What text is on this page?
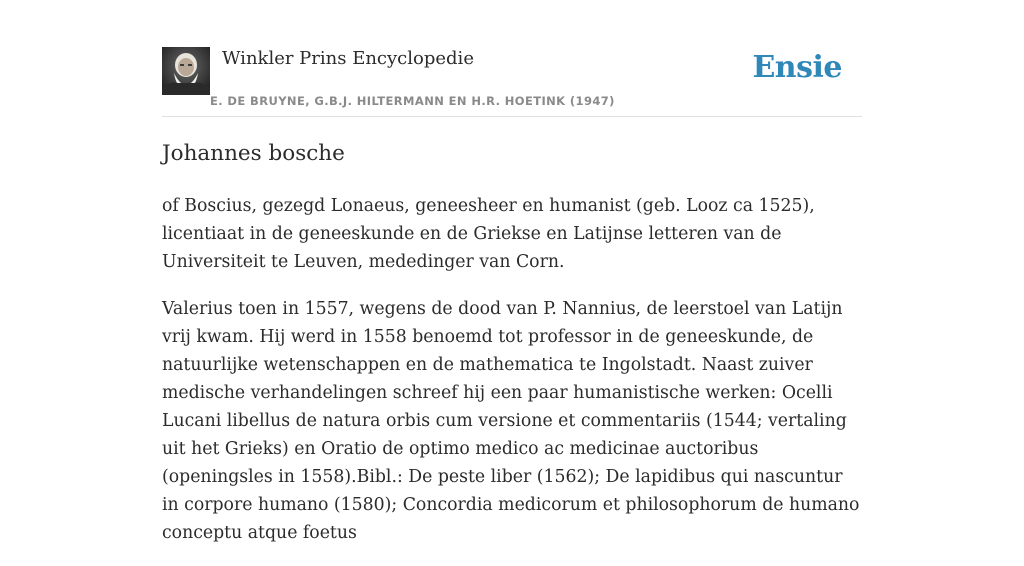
Winkler Prins Encyclopedie
E. DE BRUYNE, G.B.J. HILTERMANN EN H.R. HOETINK (1947)
Ensie
Johannes bosche

of Boscius, gezegd Lonaeus, geneesheer en humanist (geb. Looz ca 1525), licentiaat in de geneeskunde en de Griekse en Latijnse letteren van de Universiteit te Leuven, mededinger van Corn.

Valerius toen in 1557, wegens de dood van P. Nannius, de leerstoel van Latijn vrij kwam. Hij werd in 1558 benoemd tot professor in de geneeskunde, de natuurlijke wetenschappen en de mathematica te Ingolstadt. Naast zuiver medische verhandelingen schreef hij een paar humanistische werken: Ocelli Lucani libellus de natura orbis cum versione et commentariis (1544; vertaling uit het Grieks) en Oratio de optimo medico ac medicinae auctoribus (openingsles in 1558).Bibl.: De peste liber (1562); De lapidibus qui nascuntur in corpore humano (1580); Concordia medicorum et philosophorum de humano conceptu atque foetus
